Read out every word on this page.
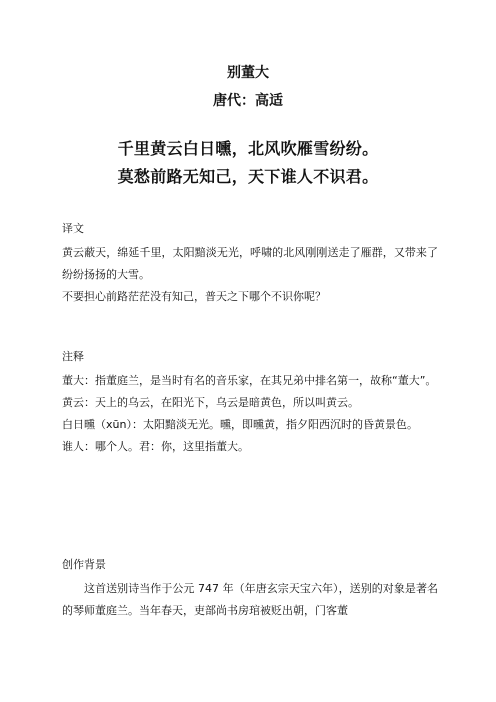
别董大
唐代：高适
千里黄云白日曛，北风吹雁雪纷纷。
莫愁前路无知己，天下谁人不识君。
译文

黄云蔽天，绵延千里，太阳黯淡无光，呼啸的北风刚刚送走了雁群，又带来了纷纷扬扬的大雪。

不要担心前路茫茫没有知己，普天之下哪个不识你呢？

注释

董大：指董庭兰，是当时有名的音乐家，在其兄弟中排名第一，故称“董大”。

黄云：天上的乌云，在阳光下，乌云是暗黄色，所以叫黄云。

白日曛（xūn）：太阳黯淡无光。曛，即曛黄，指夕阳西沉时的昏黄景色。

谁人：哪个人。君：你，这里指董大。

创作背景

这首送别诗当作于公元 747 年（年唐玄宗天宝六年），送别的对象是著名的琴师董庭兰。当年春天，吏部尚书房琯被贬出朝，门客董
